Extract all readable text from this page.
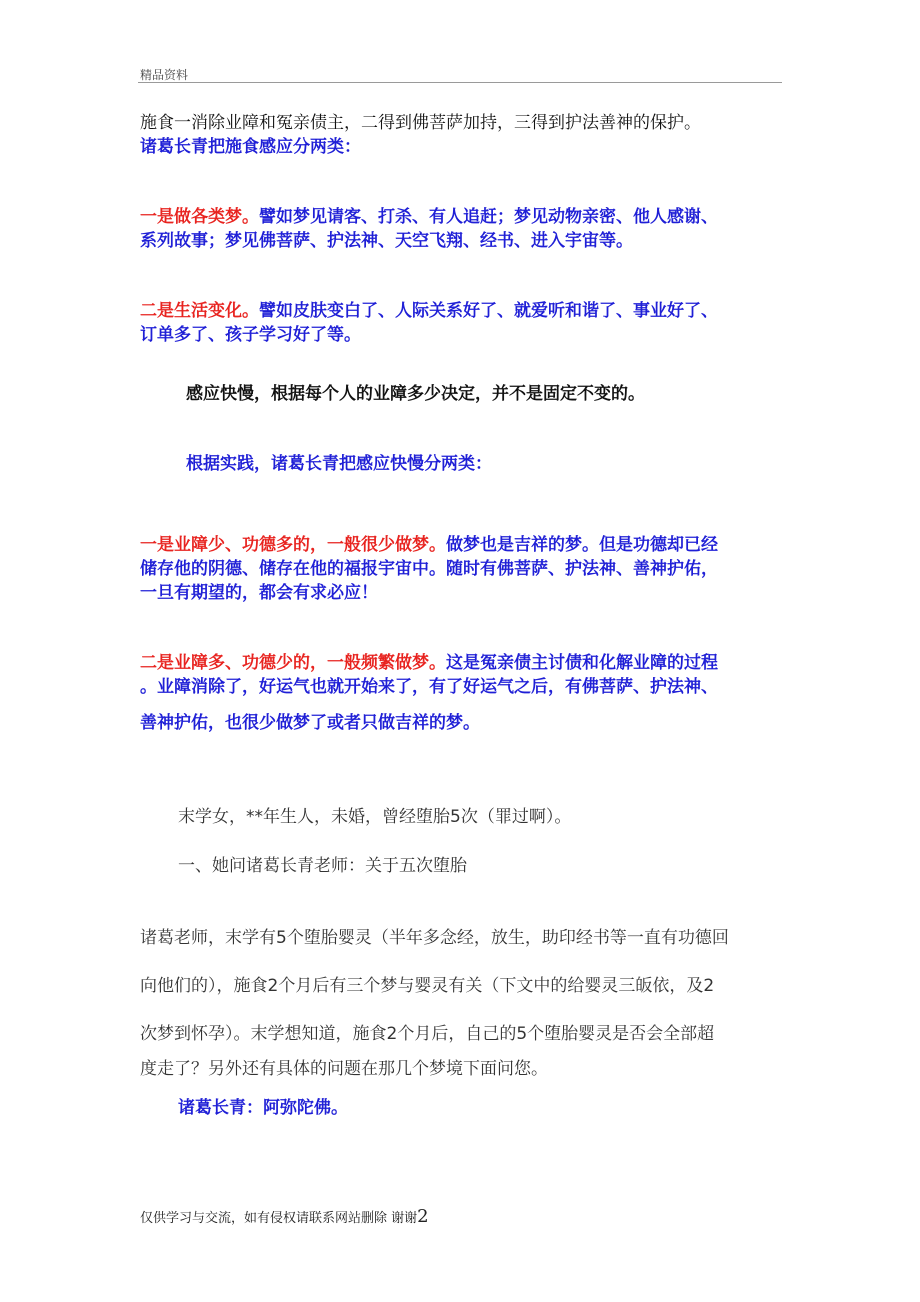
精品资料
施食一消除业障和冤亲债主，二得到佛菩萨加持，三得到护法善神的保护。
诸葛长青把施食感应分两类：
一是做各类梦。譬如梦见请客、打杀、有人追赶；梦见动物亲密、他人感谢、
系列故事；梦见佛菩萨、护法神、天空飞翔、经书、进入宇宙等。
二是生活变化。譬如皮肤变白了、人际关系好了、就爱听和谐了、事业好了、
订单多了、孩子学习好了等。
感应快慢，根据每个人的业障多少决定，并不是固定不变的。
根据实践，诸葛长青把感应快慢分两类：
一是业障少、功德多的，一般很少做梦。做梦也是吉祥的梦。但是功德却已经
储存他的阴德、储存在他的福报宇宙中。随时有佛菩萨、护法神、善神护佑，
一旦有期望的，都会有求必应！
二是业障多、功德少的，一般频繁做梦。这是冤亲债主讨债和化解业障的过程
。业障消除了，好运气也就开始来了，有了好运气之后，有佛菩萨、护法神、
善神护佑，也很少做梦了或者只做吉祥的梦。
末学女，**年生人，未婚，曾经堕胎5次（罪过啊）。
一、她问诸葛长青老师：关于五次堕胎
诸葛老师，末学有5个堕胎婴灵（半年多念经，放生，助印经书等一直有功德回
向他们的），施食2个月后有三个梦与婴灵有关（下文中的给婴灵三皈依，及2
次梦到怀孕）。末学想知道，施食2个月后，自己的5个堕胎婴灵是否会全部超
度走了？另外还有具体的问题在那几个梦境下面问您。
诸葛长青：阿弥陀佛。
仅供学习与交流，如有侵权请联系网站删除 谢谢2
